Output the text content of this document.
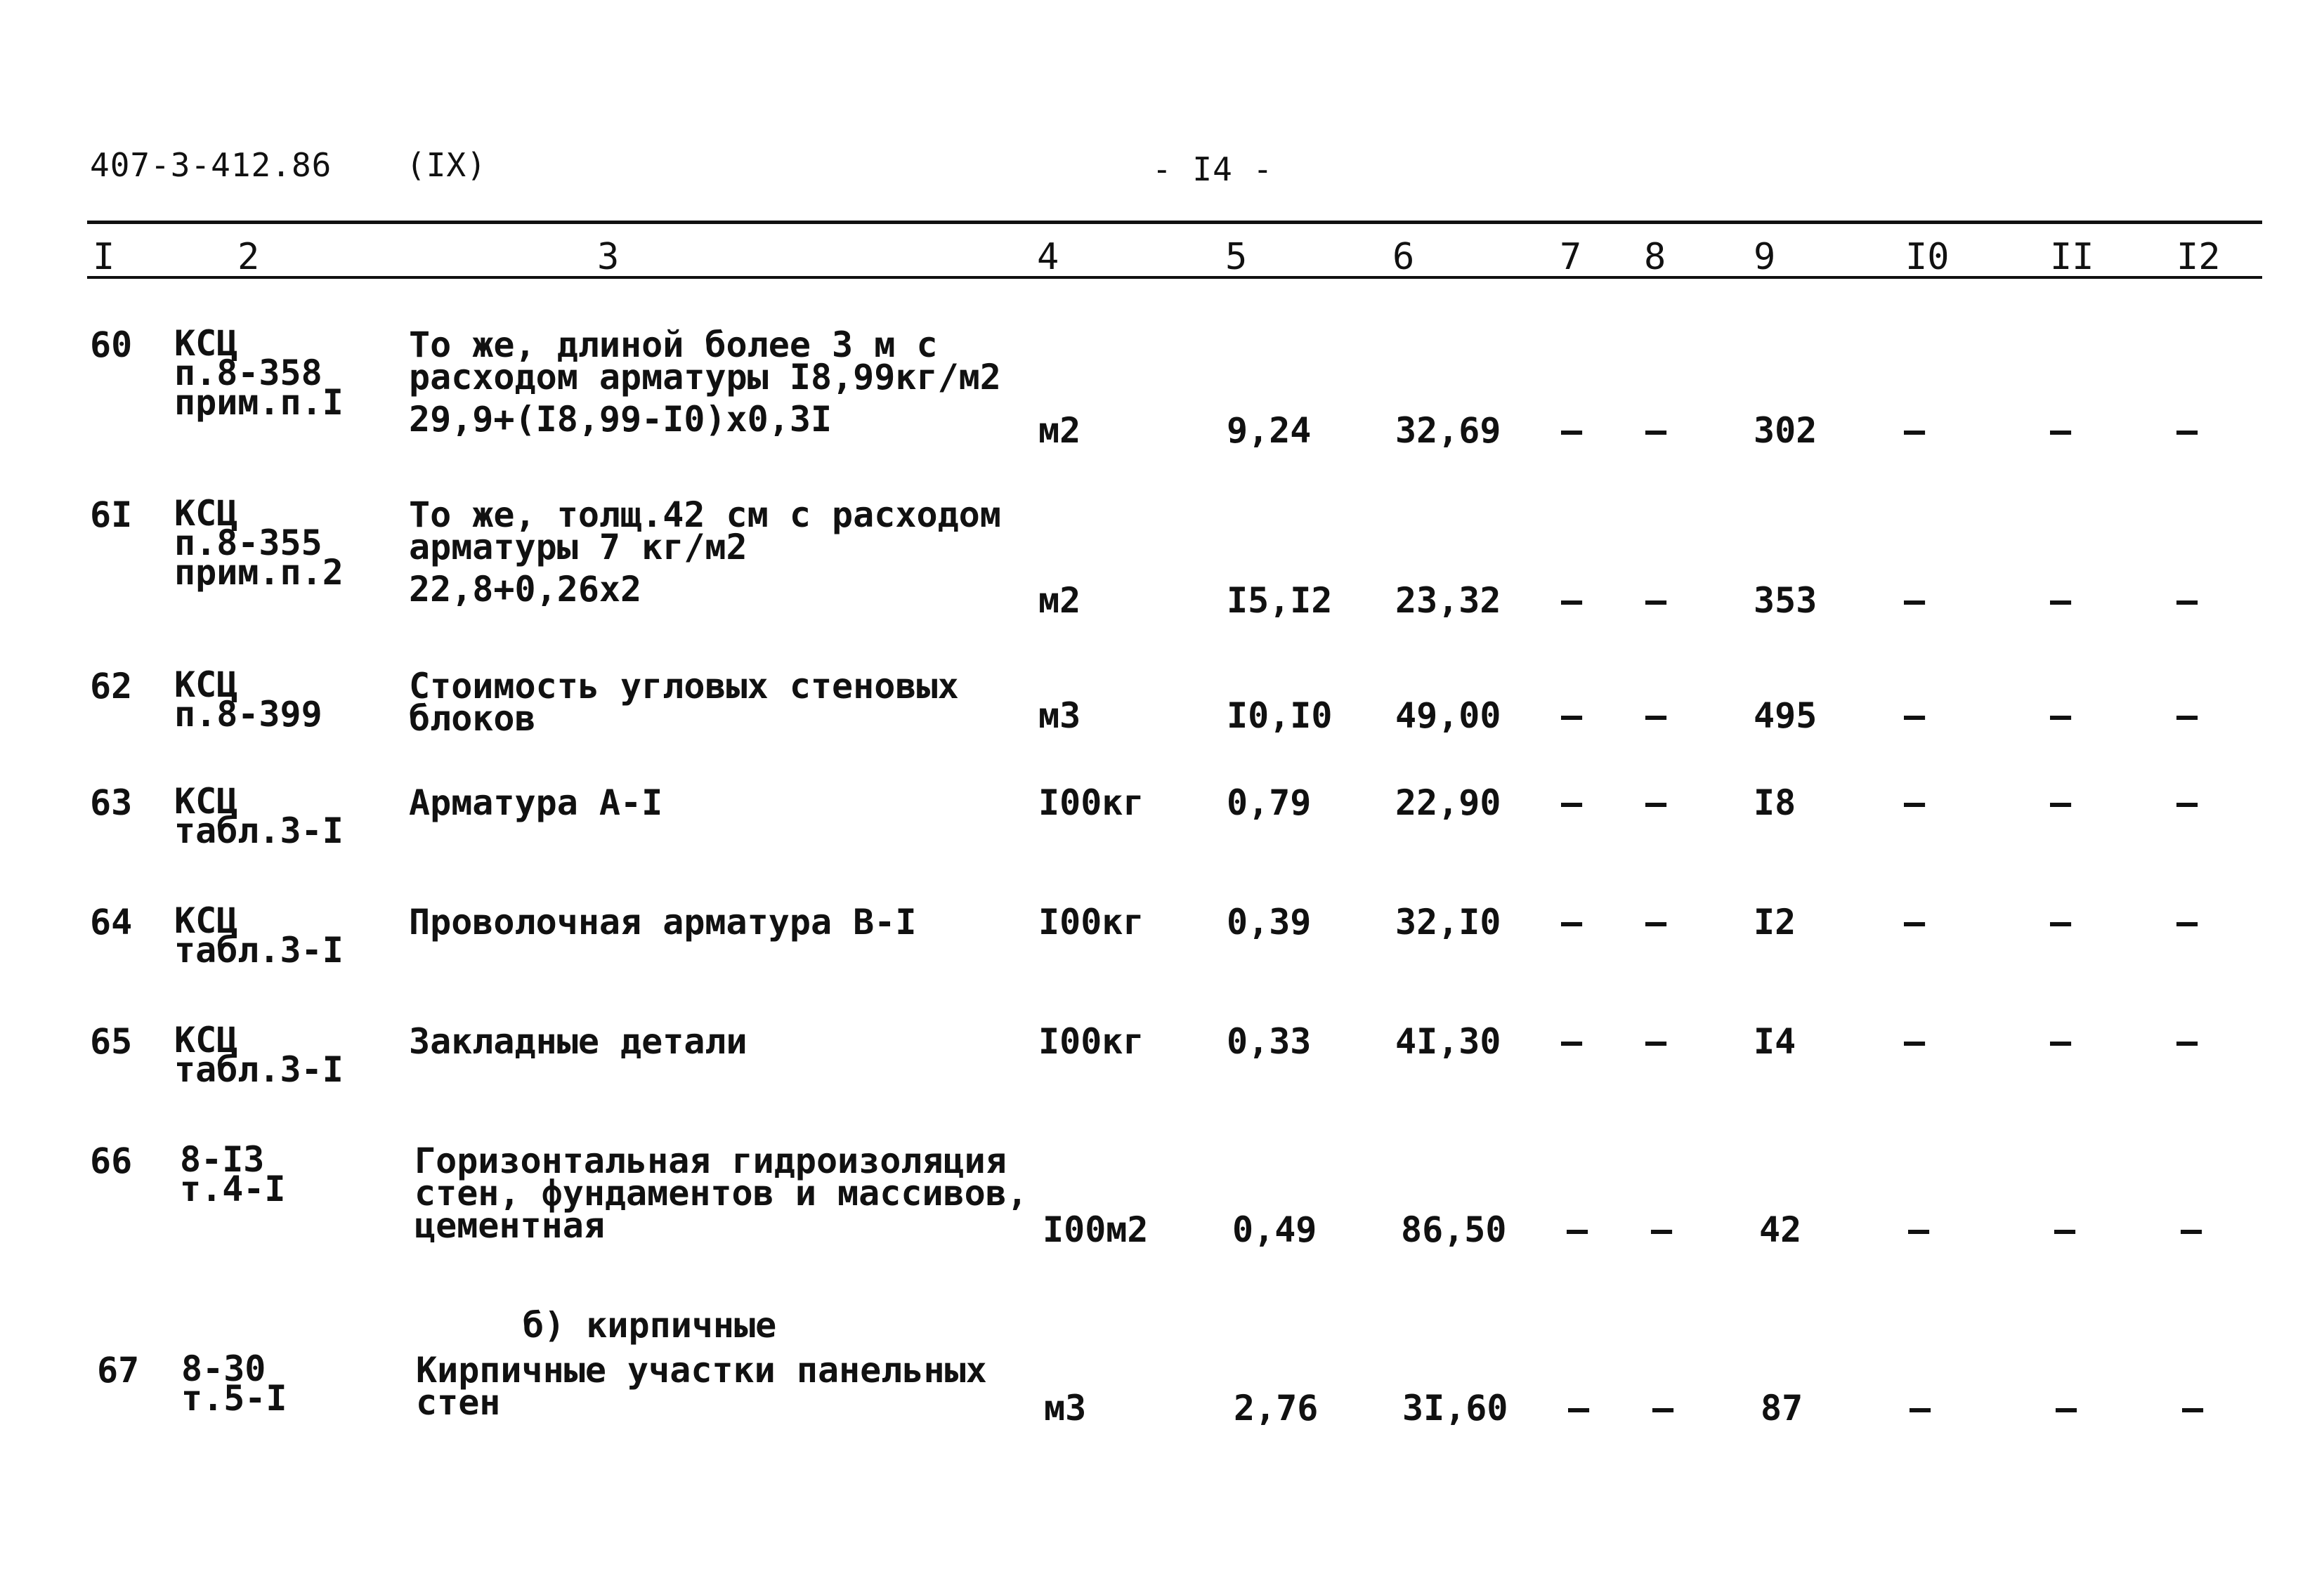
407-3-412.86 (IX)	- I4 -
I	2	3	4	5	6	7 8 9	I0	II I2
60 КСЦ
п.8-358
прим.п.I
То же, длиной более 3 м с
расходом арматуры I8,99кг/м2
29,9+(I8,99-I0)x0,3I	м2	9,24 32,69 – – 302 –	–	–
6I КСЦ
п.8-355
прим.п.2
То же, толщ.42 см с расходом
арматуры 7 кг/м2
22,8+0,26x2	м2	I5,I2 23,32 – – 353 –	–	–
62 КСЦ
п.8-399
Стоимость угловых стеновых
блоков	м3	I0,I0 49,00 – – 495 –	–	–
63 КСЦ
табл.3-I
Арматура А-I	I00кг 0,79 22,90 – – I8	–	–	–
64 КСЦ
табл.3-I
Проволочная арматура В-I	I00кг 0,39 32,I0 – – I2	–	–	–
65 КСЦ
табл.3-I
Закладные детали	I00кг 0,33 4I,30 – – I4	–	–	–
66 8-I3
т.4-I
Горизонтальная гидроизоляция
стен, фундаментов и массивов,
цементная	I00м2 0,49 86,50 – – 42	–	–	–
б) кирпичные
67 8-30
т.5-I
Кирпичные участки панельных
стен	м3	2,76 3I,60 – – 87	–	–	–
